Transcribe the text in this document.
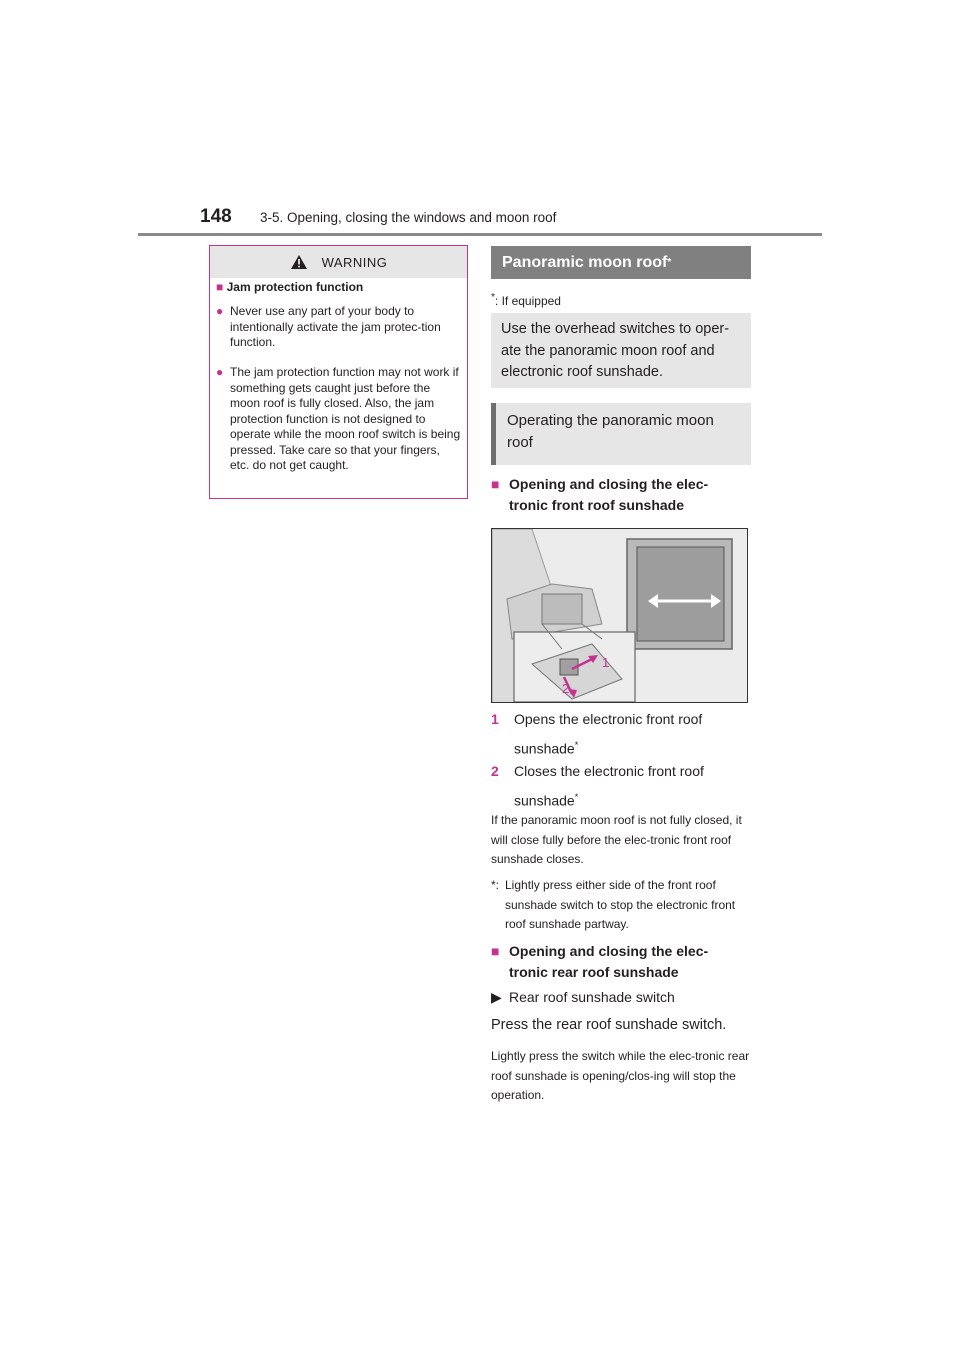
148	3-5. Opening, closing the windows and moon roof
WARNING
■ Jam protection function
● Never use any part of your body to intentionally activate the jam protec-tion function.
● The jam protection function may not work if something gets caught just before the moon roof is fully closed. Also, the jam protection function is not designed to operate while the moon roof switch is being pressed. Take care so that your fingers, etc. do not get caught.
Panoramic moon roof *
*: If equipped
Use the overhead switches to oper-ate the panoramic moon roof and electronic roof sunshade.
Operating the panoramic moon roof
■ Opening and closing the elec-tronic front roof sunshade
1
2
1	Opens the electronic front roof sunshade*
2	Closes the electronic front roof sunshade*
If the panoramic moon roof is not fully closed, it will close fully before the elec-tronic front roof sunshade closes.
*: Lightly press either side of the front roof sunshade switch to stop the electronic front roof sunshade partway.
■ Opening and closing the elec-tronic rear roof sunshade
▶ Rear roof sunshade switch
Press the rear roof sunshade switch.
Lightly press the switch while the elec-tronic rear roof sunshade is opening/clos-ing will stop the operation.
